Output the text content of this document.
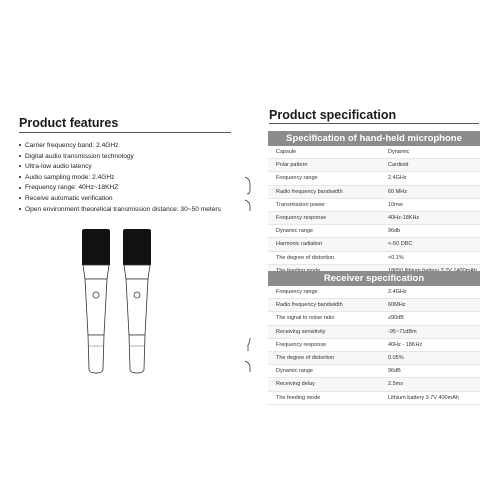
Product features
Carrier frequency band: 2.4GHz
Digital audio transmission technology
Ultra-low audio latency
Audio sampling mode: 2.4GHz
Frequency range: 40Hz~18KHZ
Receive automatic verification
Open environment theoretical transmission distance: 30~50 meters
Product specification
Specification of hand-held microphone
Capsule	Dynamic
Polar pattern	Cardioid
Frequency range	2.4GHz
Radio frequency bandwidth	60 MHz
Transmission power	10mw
Frequency response	40Hz-18KHz
Dynamic range	96db
Harmonic radiation	<-50 DBC
The degree of distortion	<0.1%
Receiver specification
Frequency range	2.4GHz
Radio frequency bandwidth	60MHz
The signal to noise ratio	≥90dB
Receiving sensitivity	-95~71dBm
Frequency response	40Hz - 18KHz
The degree of distortion	0.05%
Dynamic range	96dB
Receiving delay	2.5ms
The feeding mode	Lithium battery 3.7V 400mAh
